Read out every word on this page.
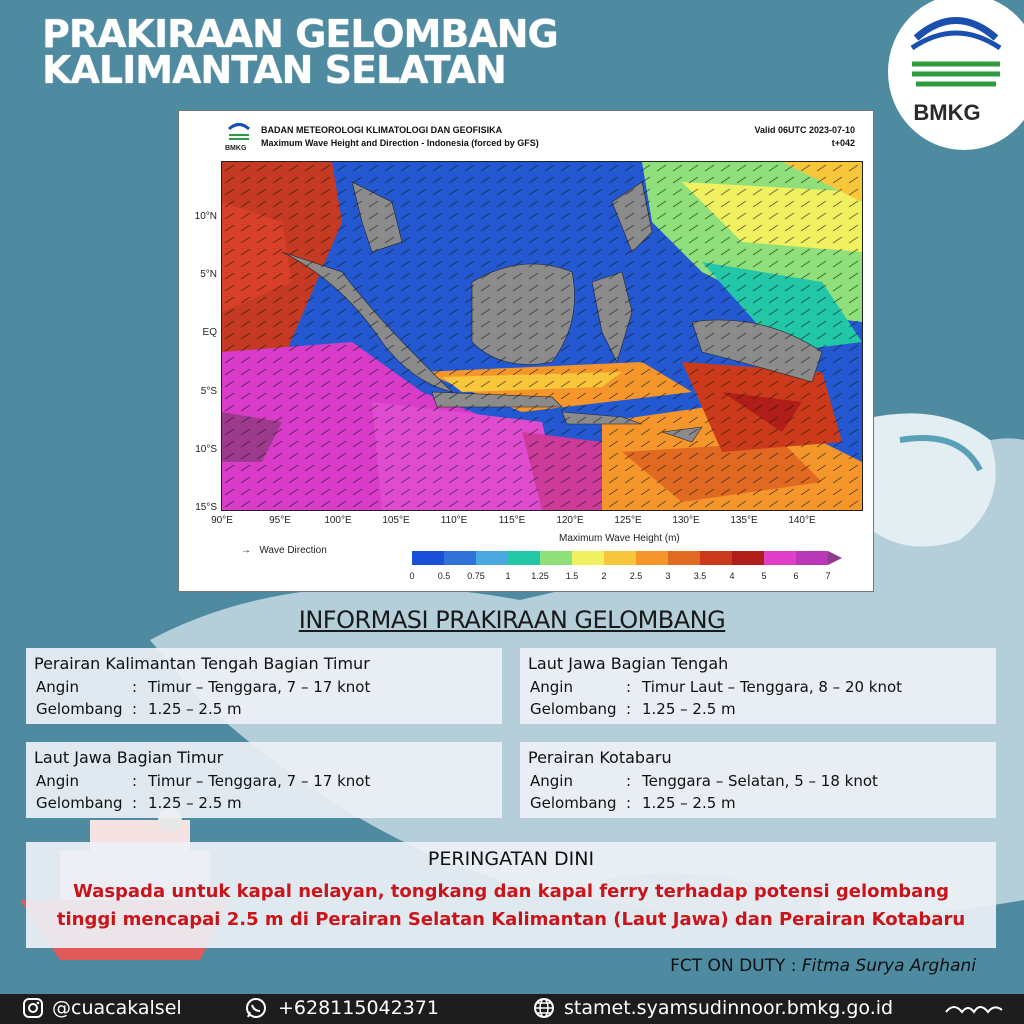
PRAKIRAAN GELOMBANG
KALIMANTAN SELATAN
BMKG
BMKG
BADAN METEOROLOGI KLIMATOLOGI DAN GEOFISIKA
Maximum Wave Height and Direction - Indonesia (forced by GFS)
Valid 06UTC 2023-07-10
t+042
10°N
5°N
EQ
5°S
10°S
15°S
90°E	95°E	100°E	105°E	110°E	115°E	120°E	125°E	130°E	135°E	140°E
→   Wave Direction
Maximum Wave Height (m)
0	0.5	0.75	1	1.25	1.5	2	2.5	3	3.5	4	5	6	7
INFORMASI PRAKIRAAN GELOMBANG
Perairan Kalimantan Tengah Bagian Timur
Angin	: Timur – Tenggara, 7 – 17 knot
Gelombang : 1.25 – 2.5 m
Laut Jawa Bagian Tengah
Angin	: Timur Laut – Tenggara, 8 – 20 knot
Gelombang : 1.25 – 2.5 m
Laut Jawa Bagian Timur
Angin	: Timur – Tenggara, 7 – 17 knot
Gelombang : 1.25 – 2.5 m
Perairan Kotabaru
Angin	: Tenggara – Selatan, 5 – 18 knot
Gelombang : 1.25 – 2.5 m
PERINGATAN DINI
Waspada untuk kapal nelayan, tongkang dan kapal ferry terhadap potensi gelombang
tinggi mencapai 2.5 m di Perairan Selatan Kalimantan (Laut Jawa) dan Perairan Kotabaru
FCT ON DUTY : Fitma Surya Arghani
@cuacakalsel	+628115042371	stamet.syamsudinnoor.bmkg.go.id
